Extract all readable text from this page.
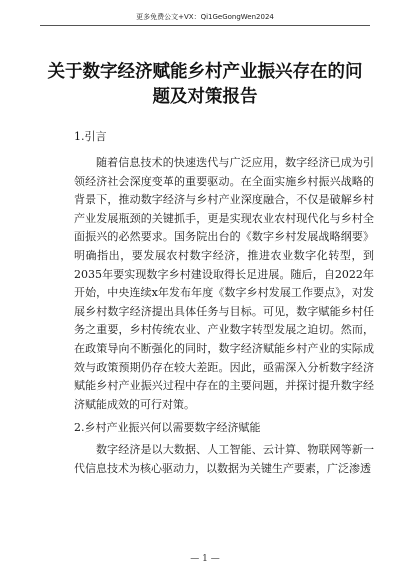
更多免费公文+VX：Qi1GeGongWen2024
关于数字经济赋能乡村产业振兴存在的问题及对策报告
1.引言

随着信息技术的快速迭代与广泛应用，数字经济已成为引领经济社会深度变革的重要驱动。在全面实施乡村振兴战略的背景下，推动数字经济与乡村产业深度融合，不仅是破解乡村产业发展瓶颈的关键抓手，更是实现农业农村现代化与乡村全面振兴的必然要求。国务院出台的《数字乡村发展战略纲要》明确指出，要发展农村数字经济，推进农业数字化转型，到2035年要实现数字乡村建设取得长足进展。随后，自2022年开始，中央连续x年发布年度《数字乡村发展工作要点》，对发展乡村数字经济提出具体任务与目标。可见，数字赋能乡村任务之重要，乡村传统农业、产业数字转型发展之迫切。然而，在政策导向不断强化的同时，数字经济赋能乡村产业的实际成效与政策预期仍存在较大差距。因此，亟需深入分析数字经济赋能乡村产业振兴过程中存在的主要问题，并探讨提升数字经济赋能成效的可行对策。

2.乡村产业振兴何以需要数字经济赋能

数字经济是以大数据、人工智能、云计算、物联网等新一代信息技术为核心驱动力，以数据为关键生产要素，广泛渗透

— 1 —
